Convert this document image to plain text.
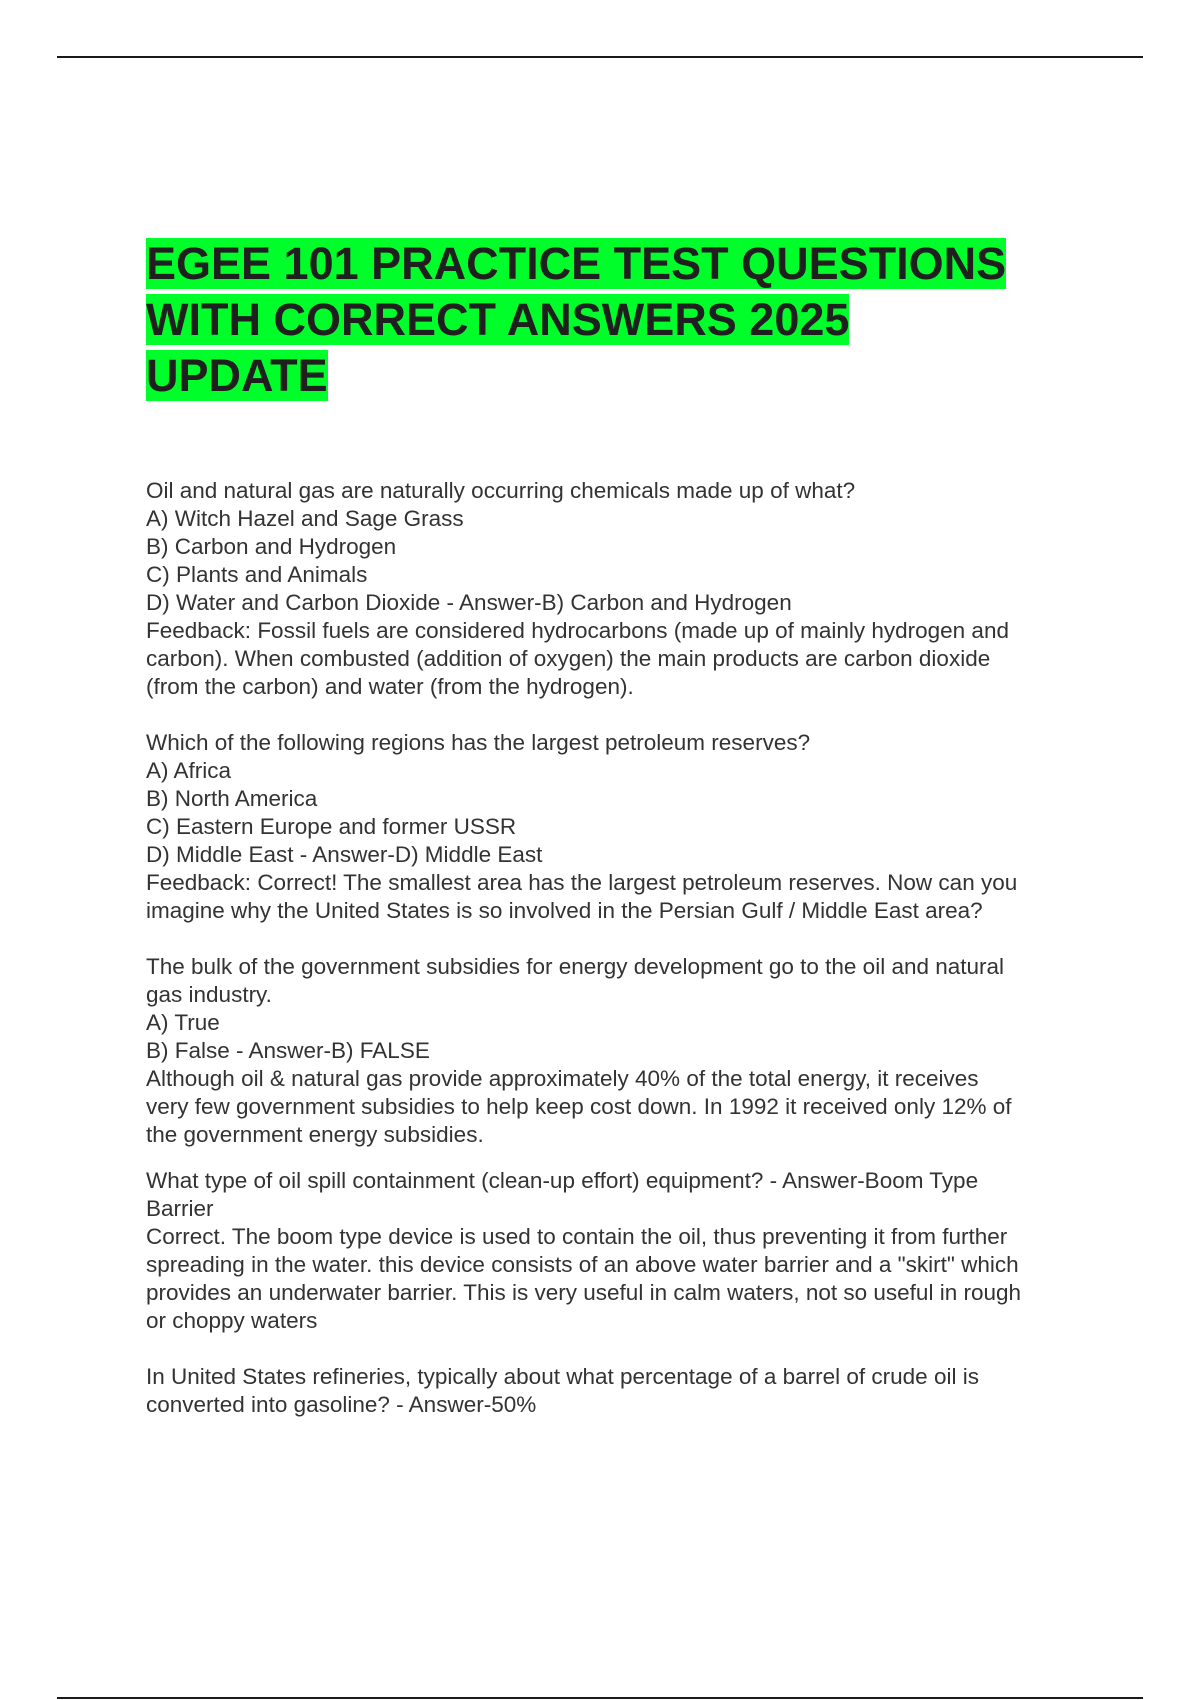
EGEE 101 PRACTICE TEST QUESTIONS
WITH CORRECT ANSWERS 2025
UPDATE
Oil and natural gas are naturally occurring chemicals made up of what?
A) Witch Hazel and Sage Grass
B) Carbon and Hydrogen
C) Plants and Animals
D) Water and Carbon Dioxide - Answer-B) Carbon and Hydrogen
Feedback: Fossil fuels are considered hydrocarbons (made up of mainly hydrogen and
carbon). When combusted (addition of oxygen) the main products are carbon dioxide
(from the carbon) and water (from the hydrogen).
Which of the following regions has the largest petroleum reserves?
A) Africa
B) North America
C) Eastern Europe and former USSR
D) Middle East - Answer-D) Middle East
Feedback: Correct! The smallest area has the largest petroleum reserves. Now can you
imagine why the United States is so involved in the Persian Gulf / Middle East area?
The bulk of the government subsidies for energy development go to the oil and natural
gas industry.
A) True
B) False - Answer-B) FALSE
Although oil & natural gas provide approximately 40% of the total energy, it receives
very few government subsidies to help keep cost down. In 1992 it received only 12% of
the government energy subsidies.
What type of oil spill containment (clean-up effort) equipment? - Answer-Boom Type
Barrier
Correct. The boom type device is used to contain the oil, thus preventing it from further
spreading in the water. this device consists of an above water barrier and a "skirt" which
provides an underwater barrier. This is very useful in calm waters, not so useful in rough
or choppy waters
In United States refineries, typically about what percentage of a barrel of crude oil is
converted into gasoline? - Answer-50%
